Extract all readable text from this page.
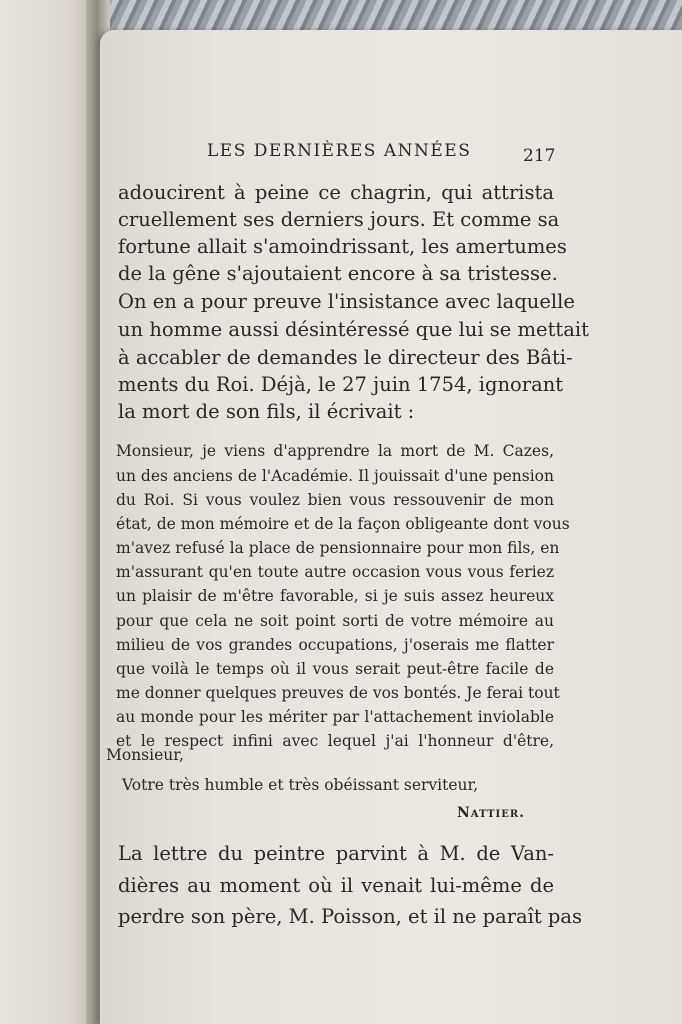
LES DERNIÈRES ANNÉES	217
adoucirent à peine ce chagrin, qui attrista
cruellement ses derniers jours. Et comme sa
fortune allait s'amoindrissant, les amertumes
de la gêne s'ajoutaient encore à sa tristesse.
On en a pour preuve l'insistance avec laquelle
un homme aussi désintéressé que lui se mettait
à accabler de demandes le directeur des Bâti-
ments du Roi. Déjà, le 27 juin 1754, ignorant
la mort de son fils, il écrivait :
Monsieur, je viens d'apprendre la mort de M. Cazes,
un des anciens de l'Académie. Il jouissait d'une pension
du Roi. Si vous voulez bien vous ressouvenir de mon
état, de mon mémoire et de la façon obligeante dont vous
m'avez refusé la place de pensionnaire pour mon fils, en
m'assurant qu'en toute autre occasion vous vous feriez
un plaisir de m'être favorable, si je suis assez heureux
pour que cela ne soit point sorti de votre mémoire au
milieu de vos grandes occupations, j'oserais me flatter
que voilà le temps où il vous serait peut-être facile de
me donner quelques preuves de vos bontés. Je ferai tout
au monde pour les mériter par l'attachement inviolable
et le respect infini avec lequel j'ai l'honneur d'être,
Monsieur,
Votre très humble et très obéissant serviteur,
Nattier.
La lettre du peintre parvint à M. de Van-
dières au moment où il venait lui-même de
perdre son père, M. Poisson, et il ne paraît pas
